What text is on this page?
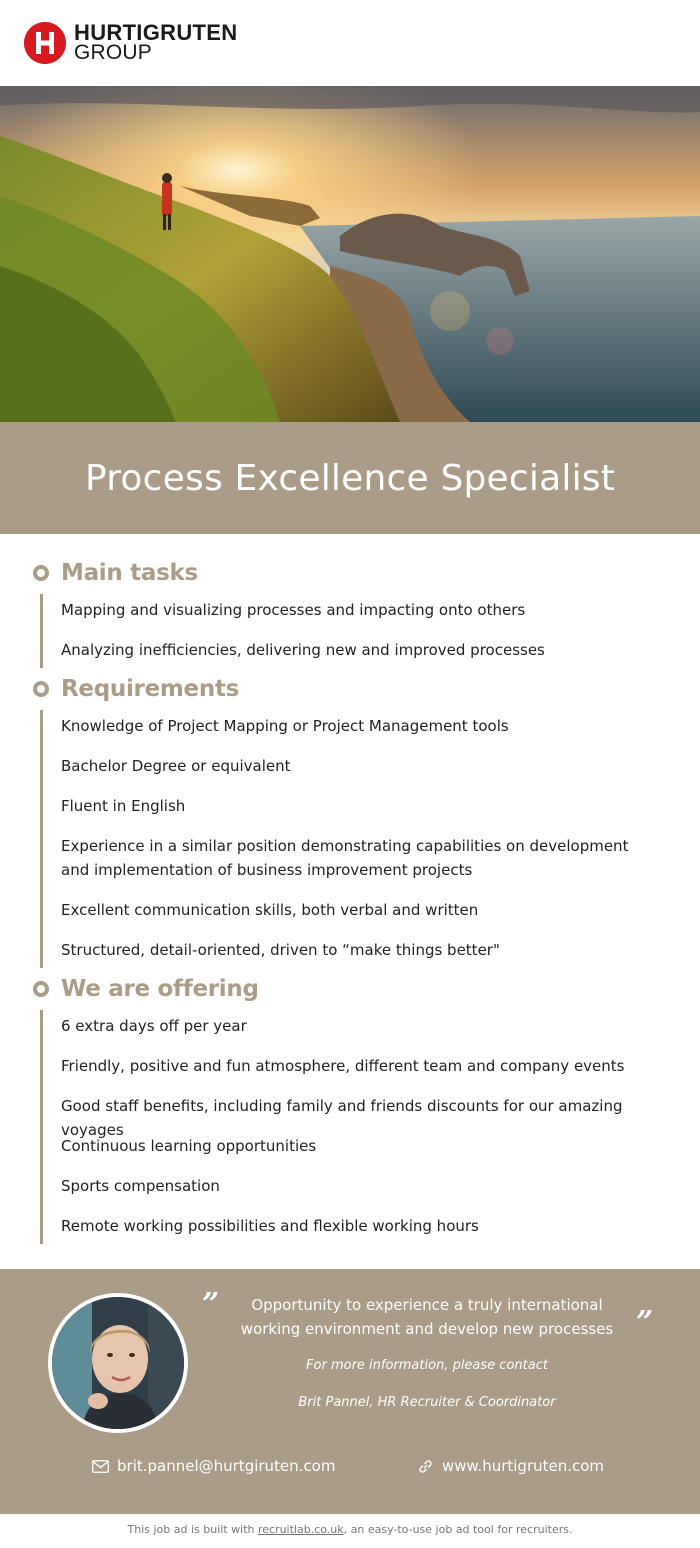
HURTIGRUTEN
GROUP
Process Excellence Specialist
Main tasks
Mapping and visualizing processes and impacting onto others
Analyzing inefficiencies, delivering new and improved processes
Requirements
Knowledge of Project Mapping or Project Management tools
Bachelor Degree or equivalent
Fluent in English
Experience in a similar position demonstrating capabilities on development and implementation of business improvement projects
Excellent communication skills, both verbal and written
Structured, detail-oriented, driven to “make things better"
We are offering
6 extra days off per year
Friendly, positive and fun atmosphere, different team and company events
Good staff benefits, including family and friends discounts for our amazing voyages
Continuous learning opportunities
Sports compensation
Remote working possibilities and flexible working hours
”
”
Opportunity to experience a truly international working environment and develop new processes
For more information, please contact
Brit Pannel, HR Recruiter & Coordinator
brit.pannel@hurtgiruten.com	www.hurtigruten.com
This job ad is built with recruitlab.co.uk, an easy-to-use job ad tool for recruiters.
